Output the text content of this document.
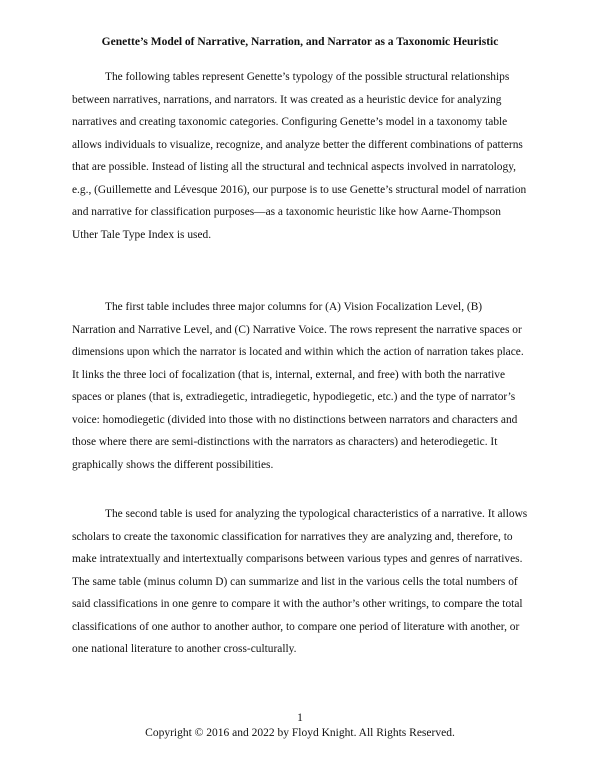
Genette’s Model of Narrative, Narration, and Narrator as a Taxonomic Heuristic

The following tables represent Genette’s typology of the possible structural relationships between narratives, narrations, and narrators. It was created as a heuristic device for analyzing narratives and creating taxonomic categories. Configuring Genette’s model in a taxonomy table allows individuals to visualize, recognize, and analyze better the different combinations of patterns that are possible. Instead of listing all the structural and technical aspects involved in narratology, e.g., (Guillemette and Lévesque 2016), our purpose is to use Genette’s structural model of narration and narrative for classification purposes—as a taxonomic heuristic like how Aarne-Thompson Uther Tale Type Index is used.

The first table includes three major columns for (A) Vision Focalization Level, (B) Narration and Narrative Level, and (C) Narrative Voice. The rows represent the narrative spaces or dimensions upon which the narrator is located and within which the action of narration takes place. It links the three loci of focalization (that is, internal, external, and free) with both the narrative spaces or planes (that is, extradiegetic, intradiegetic, hypodiegetic, etc.) and the type of narrator’s voice: homodiegetic (divided into those with no distinctions between narrators and characters and those where there are semi-distinctions with the narrators as characters) and heterodiegetic. It graphically shows the different possibilities.

The second table is used for analyzing the typological characteristics of a narrative. It allows scholars to create the taxonomic classification for narratives they are analyzing and, therefore, to make intratextually and intertextually comparisons between various types and genres of narratives. The same table (minus column D) can summarize and list in the various cells the total numbers of said classifications in one genre to compare it with the author’s other writings, to compare the total classifications of one author to another author, to compare one period of literature with another, or one national literature to another cross-culturally.

1
Copyright © 2016 and 2022 by Floyd Knight. All Rights Reserved.
